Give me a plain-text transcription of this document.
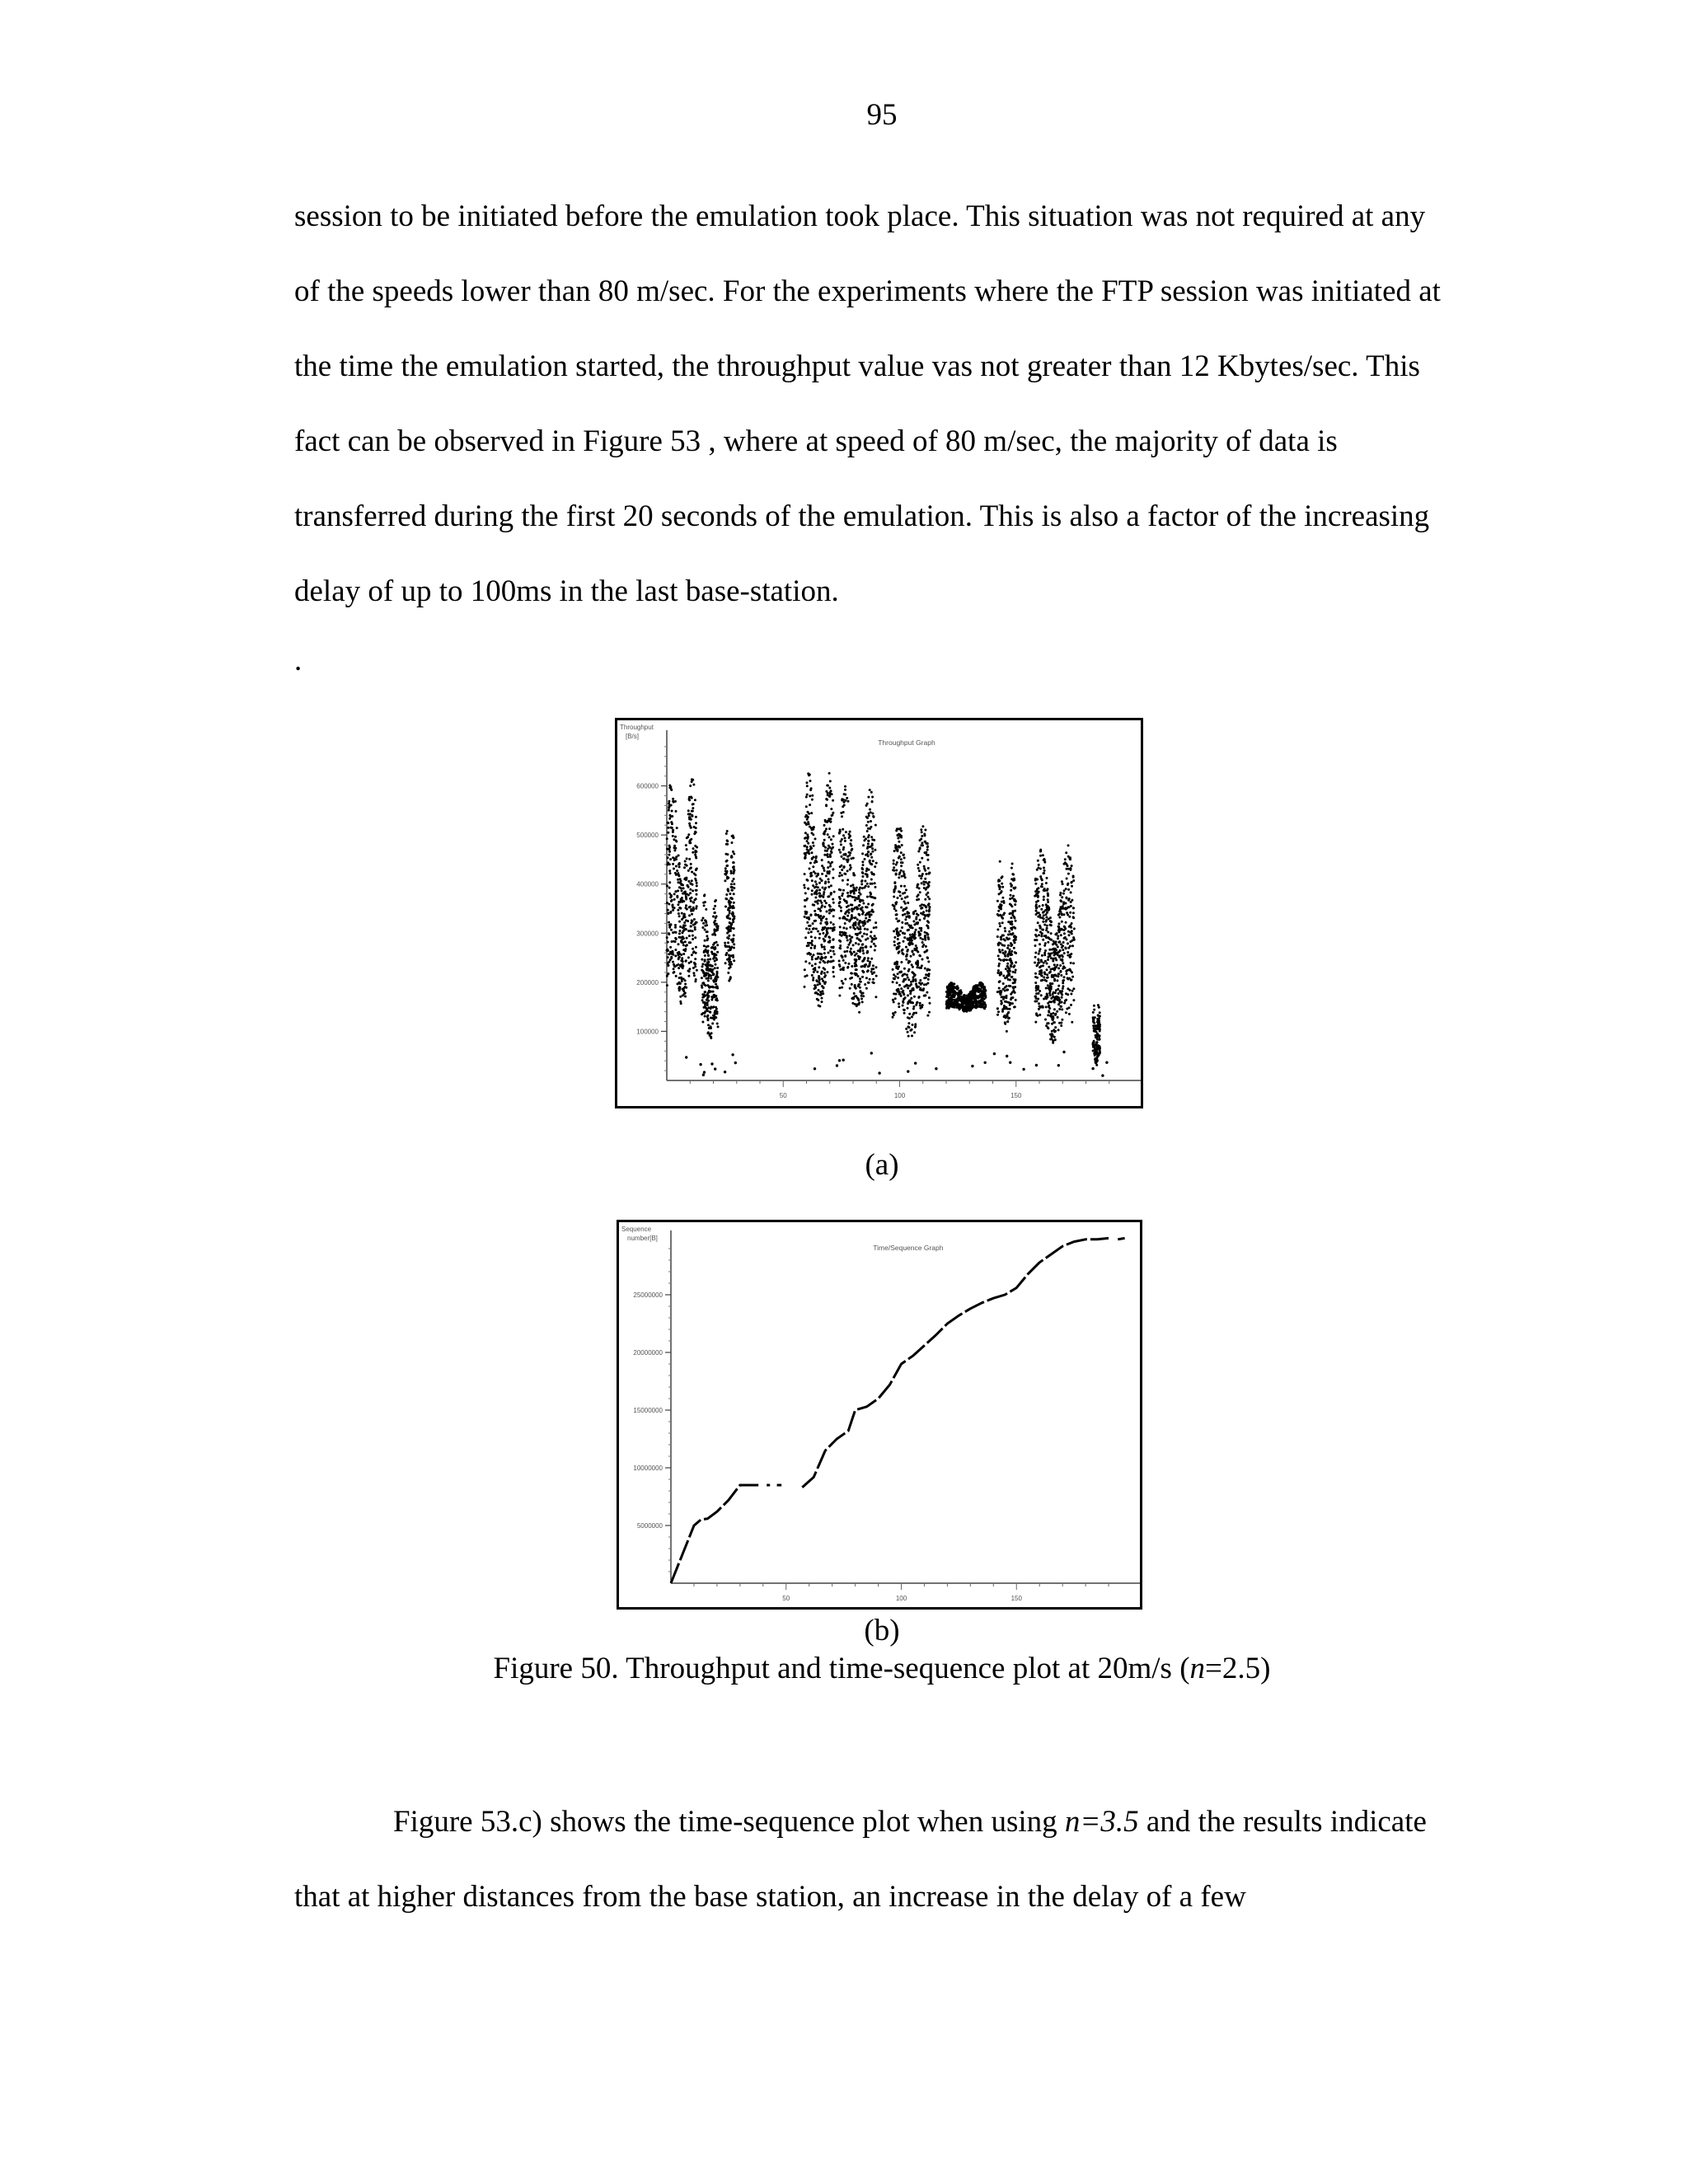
95

session to be initiated before the emulation took place. This situation was not required at any of the speeds lower than 80 m/sec. For the experiments where the FTP session was initiated at the time the emulation started, the throughput value vas not greater than 12 Kbytes/sec. This fact can be observed in Figure 53 , where at speed of 80 m/sec, the majority of data is transferred during the first 20 seconds of the emulation. This is also a factor of the increasing delay of up to 100ms in the last base-station.

.
50	100	150
100000
200000
300000
400000
500000
600000
Throughput
[B/s]
Throughput Graph
(a)
50	100	150
5000000
10000000
15000000
20000000
25000000
Sequence
number[B]
Time/Sequence Graph
(b)
Figure 50. Throughput and time-sequence plot at 20m/s (n=2.5)

Figure 53.c) shows the time-sequence plot when using n=3.5 and the results indicate that at higher distances from the base station, an increase in the delay of a few
